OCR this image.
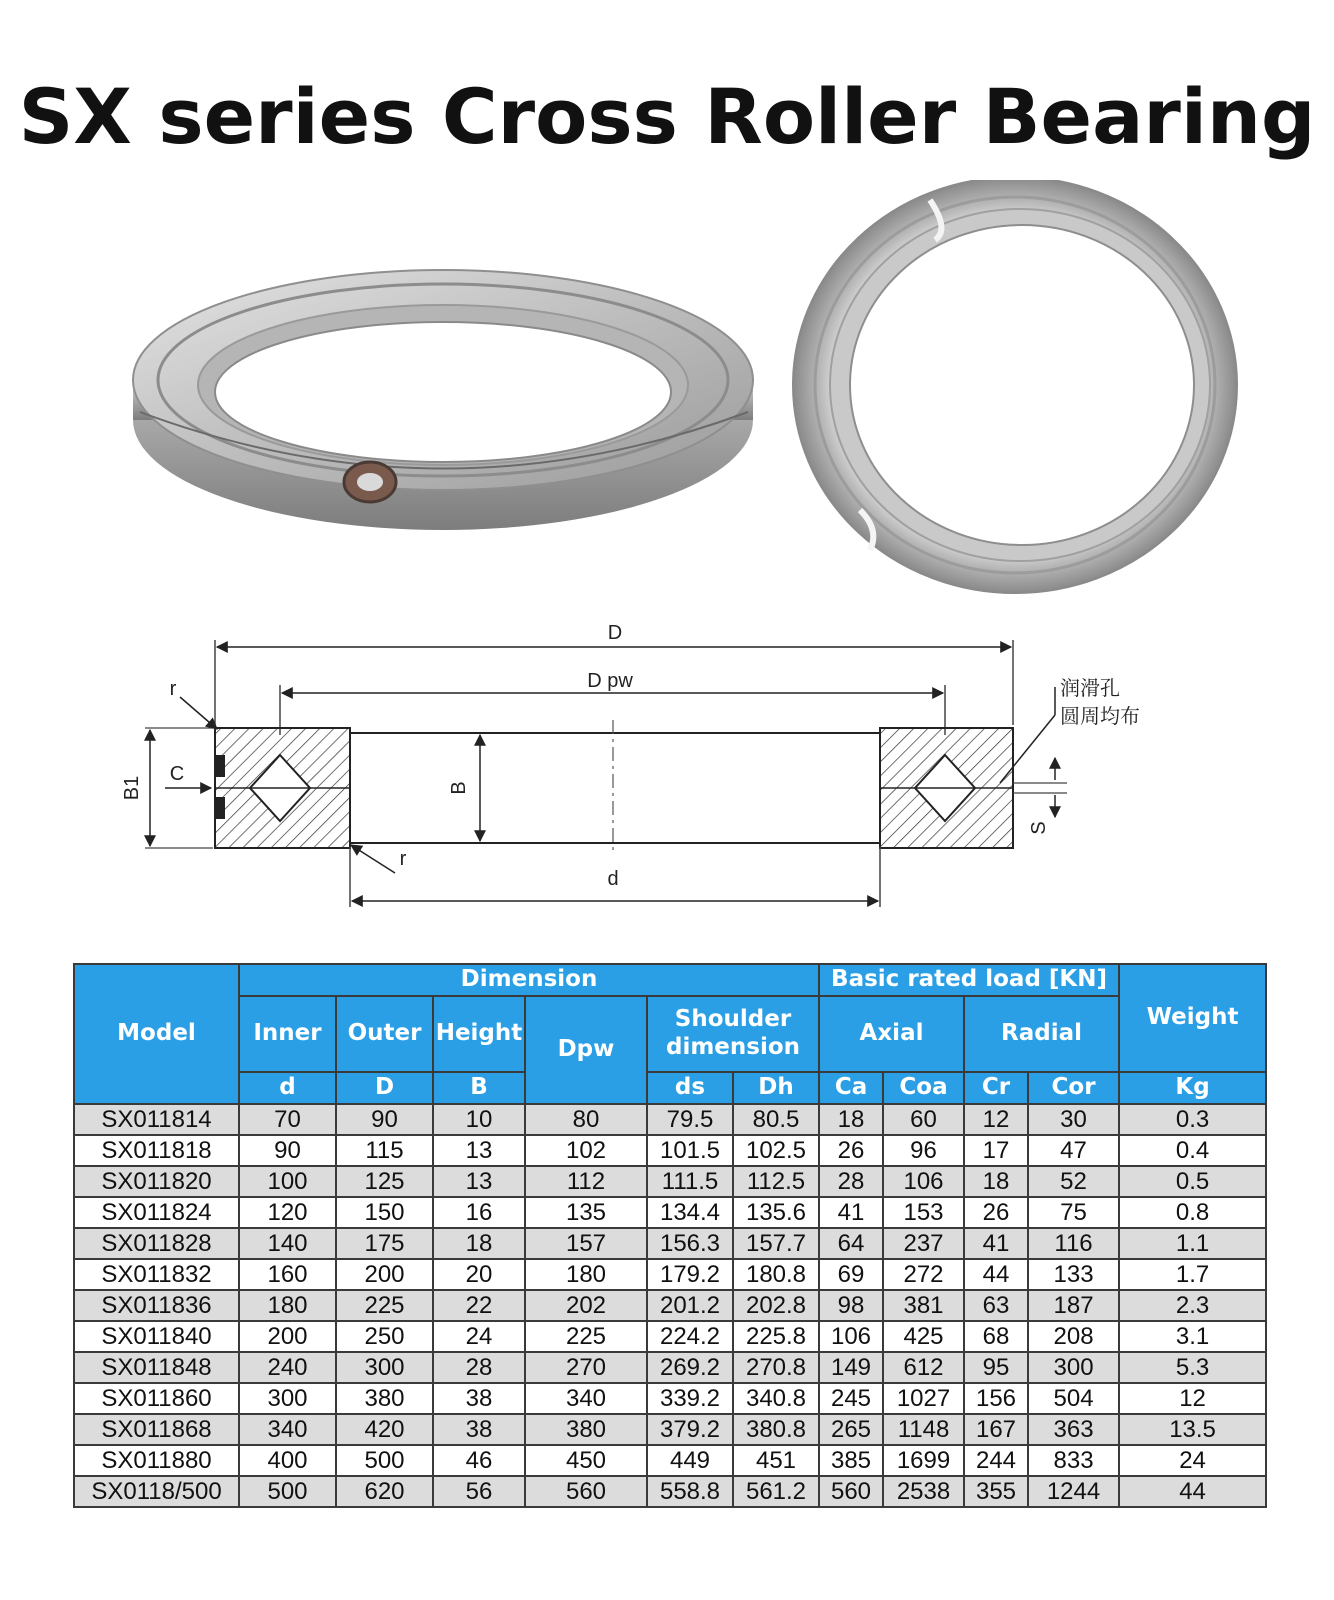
SX series Cross Roller Bearing
D
D pw
B
B1
C
r
r
d
S
润滑孔
圆周均布
Model	Dimension						Basic rated load [KN]				Weight
	Inner	Outer	Height	Dpw	Shoulder dimension		Axial		Radial		
	d	D	B		ds	Dh	Ca	Coa	Cr	Cor	Kg
SX011814	70	90	10	80	79.5	80.5	18	60	12	30	0.3
SX011818	90	115	13	102	101.5	102.5	26	96	17	47	0.4
SX011820	100	125	13	112	111.5	112.5	28	106	18	52	0.5
SX011824	120	150	16	135	134.4	135.6	41	153	26	75	0.8
SX011828	140	175	18	157	156.3	157.7	64	237	41	116	1.1
SX011832	160	200	20	180	179.2	180.8	69	272	44	133	1.7
SX011836	180	225	22	202	201.2	202.8	98	381	63	187	2.3
SX011840	200	250	24	225	224.2	225.8	106	425	68	208	3.1
SX011848	240	300	28	270	269.2	270.8	149	612	95	300	5.3
SX011860	300	380	38	340	339.2	340.8	245	1027	156	504	12
SX011868	340	420	38	380	379.2	380.8	265	1148	167	363	13.5
SX011880	400	500	46	450	449	451	385	1699	244	833	24
SX0118/500	500	620	56	560	558.8	561.2	560	2538	355	1244	44
